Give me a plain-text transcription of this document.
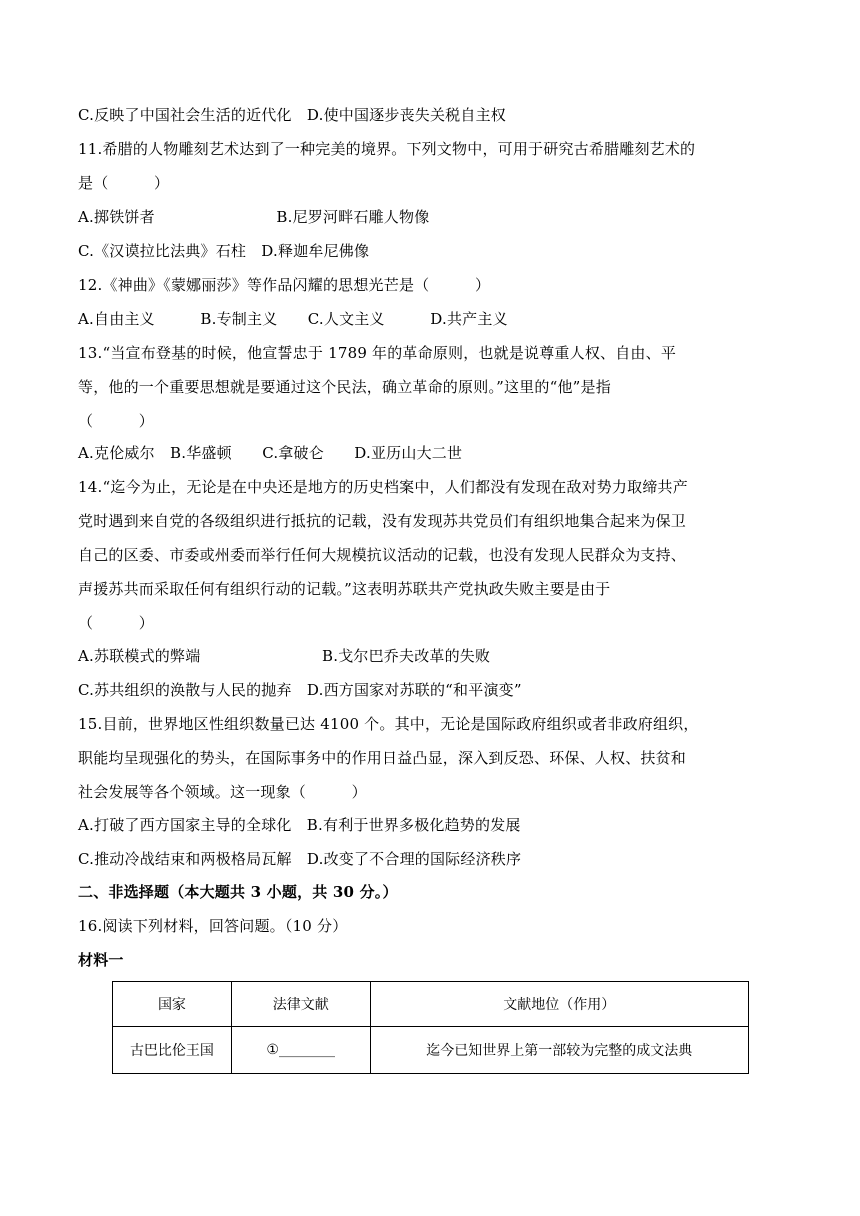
C.反映了中国社会生活的近代化　D.使中国逐步丧失关税自主权
11.希腊的人物雕刻艺术达到了一种完美的境界。下列文物中，可用于研究古希腊雕刻艺术的
是（　　　）
A.掷铁饼者　　　　　　　　B.尼罗河畔石雕人物像
C.《汉谟拉比法典》石柱　D.释迦牟尼佛像
12.《神曲》《蒙娜丽莎》等作品闪耀的思想光芒是（　　　）
A.自由主义　　　B.专制主义　　C.人文主义　　　D.共产主义
13.“当宣布登基的时候，他宣誓忠于 1789 年的革命原则，也就是说尊重人权、自由、平
等，他的一个重要思想就是要通过这个民法，确立革命的原则。”这里的“他”是指
（　　　）
A.克伦威尔　B.华盛顿　　C.拿破仑　　D.亚历山大二世
14.“迄今为止，无论是在中央还是地方的历史档案中，人们都没有发现在敌对势力取缔共产
党时遇到来自党的各级组织进行抵抗的记载，没有发现苏共党员们有组织地集合起来为保卫
自己的区委、市委或州委而举行任何大规模抗议活动的记载，也没有发现人民群众为支持、
声援苏共而采取任何有组织行动的记载。”这表明苏联共产党执政失败主要是由于
（　　　）
A.苏联模式的弊端　　　　　　　　B.戈尔巴乔夫改革的失败
C.苏共组织的涣散与人民的抛弃　D.西方国家对苏联的“和平演变”
15.目前，世界地区性组织数量已达 4100 个。其中，无论是国际政府组织或者非政府组织，
职能均呈现强化的势头，在国际事务中的作用日益凸显，深入到反恐、环保、人权、扶贫和
社会发展等各个领域。这一现象（　　　）
A.打破了西方国家主导的全球化　B.有利于世界多极化趋势的发展
C.推动冷战结束和两极格局瓦解　D.改变了不合理的国际经济秩序
二、非选择题（本大题共 3 小题，共 30 分。）
16.阅读下列材料，回答问题。（10 分）
材料一
国家	法律文献	文献地位（作用）
古巴比伦王国	①________	迄今已知世界上第一部较为完整的成文法典
